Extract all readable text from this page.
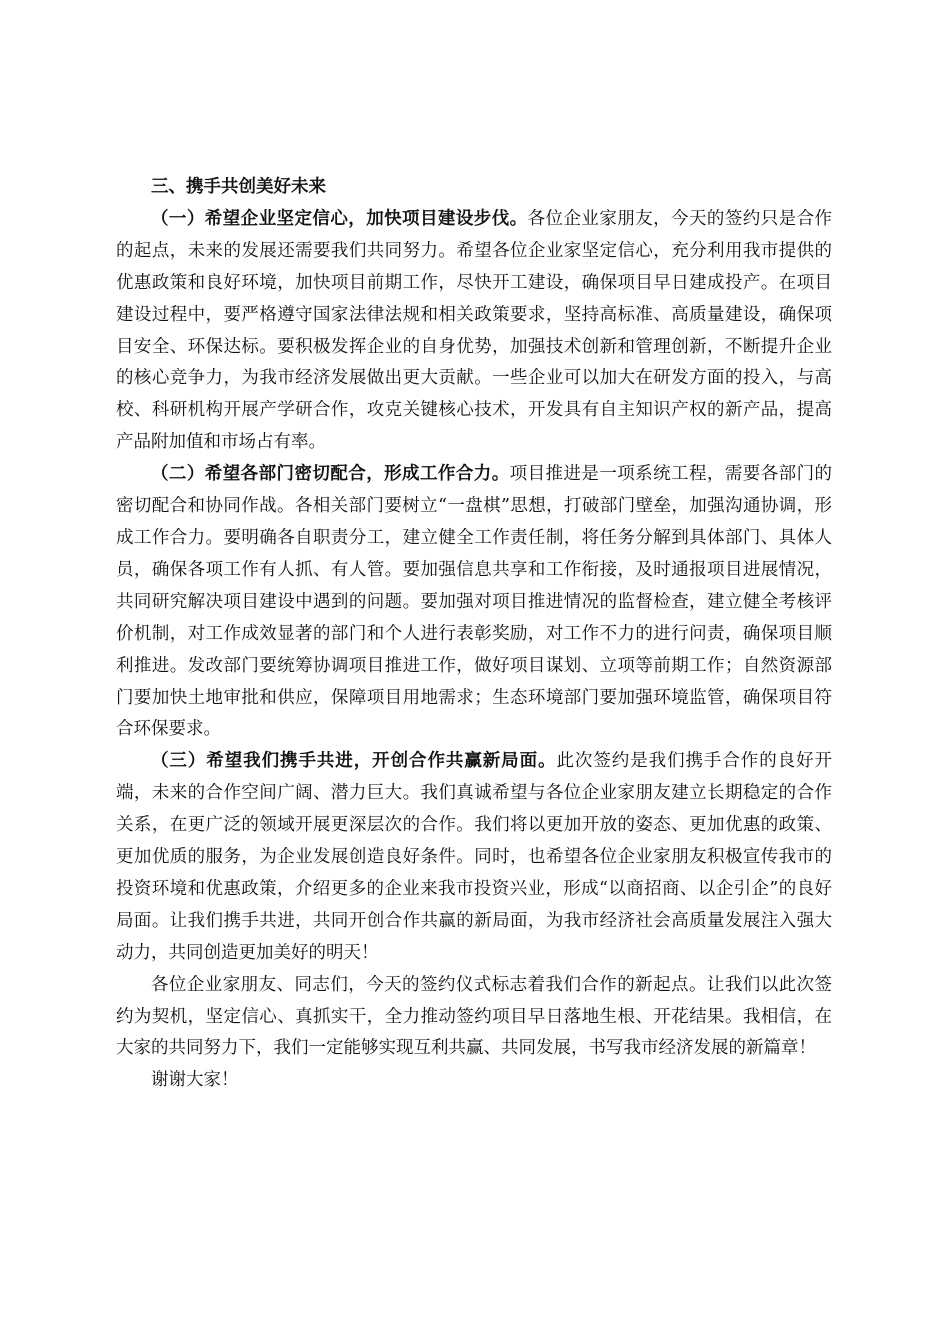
三、携手共创美好未来

（一）希望企业坚定信心，加快项目建设步伐。各位企业家朋友，今天的签约只是合作的起点，未来的发展还需要我们共同努力。希望各位企业家坚定信心，充分利用我市提供的优惠政策和良好环境，加快项目前期工作，尽快开工建设，确保项目早日建成投产。在项目建设过程中，要严格遵守国家法律法规和相关政策要求，坚持高标准、高质量建设，确保项目安全、环保达标。要积极发挥企业的自身优势，加强技术创新和管理创新，不断提升企业的核心竞争力，为我市经济发展做出更大贡献。一些企业可以加大在研发方面的投入，与高校、科研机构开展产学研合作，攻克关键核心技术，开发具有自主知识产权的新产品，提高产品附加值和市场占有率。

（二）希望各部门密切配合，形成工作合力。项目推进是一项系统工程，需要各部门的密切配合和协同作战。各相关部门要树立“一盘棋”思想，打破部门壁垒，加强沟通协调，形成工作合力。要明确各自职责分工，建立健全工作责任制，将任务分解到具体部门、具体人员，确保各项工作有人抓、有人管。要加强信息共享和工作衔接，及时通报项目进展情况，共同研究解决项目建设中遇到的问题。要加强对项目推进情况的监督检查，建立健全考核评价机制，对工作成效显著的部门和个人进行表彰奖励，对工作不力的进行问责，确保项目顺利推进。发改部门要统筹协调项目推进工作，做好项目谋划、立项等前期工作；自然资源部门要加快土地审批和供应，保障项目用地需求；生态环境部门要加强环境监管，确保项目符合环保要求。

（三）希望我们携手共进，开创合作共赢新局面。此次签约是我们携手合作的良好开端，未来的合作空间广阔、潜力巨大。我们真诚希望与各位企业家朋友建立长期稳定的合作关系，在更广泛的领域开展更深层次的合作。我们将以更加开放的姿态、更加优惠的政策、更加优质的服务，为企业发展创造良好条件。同时，也希望各位企业家朋友积极宣传我市的投资环境和优惠政策，介绍更多的企业来我市投资兴业，形成“以商招商、以企引企”的良好局面。让我们携手共进，共同开创合作共赢的新局面，为我市经济社会高质量发展注入强大动力，共同创造更加美好的明天！

各位企业家朋友、同志们，今天的签约仪式标志着我们合作的新起点。让我们以此次签约为契机，坚定信心、真抓实干，全力推动签约项目早日落地生根、开花结果。我相信，在大家的共同努力下，我们一定能够实现互利共赢、共同发展，书写我市经济发展的新篇章！

谢谢大家！
